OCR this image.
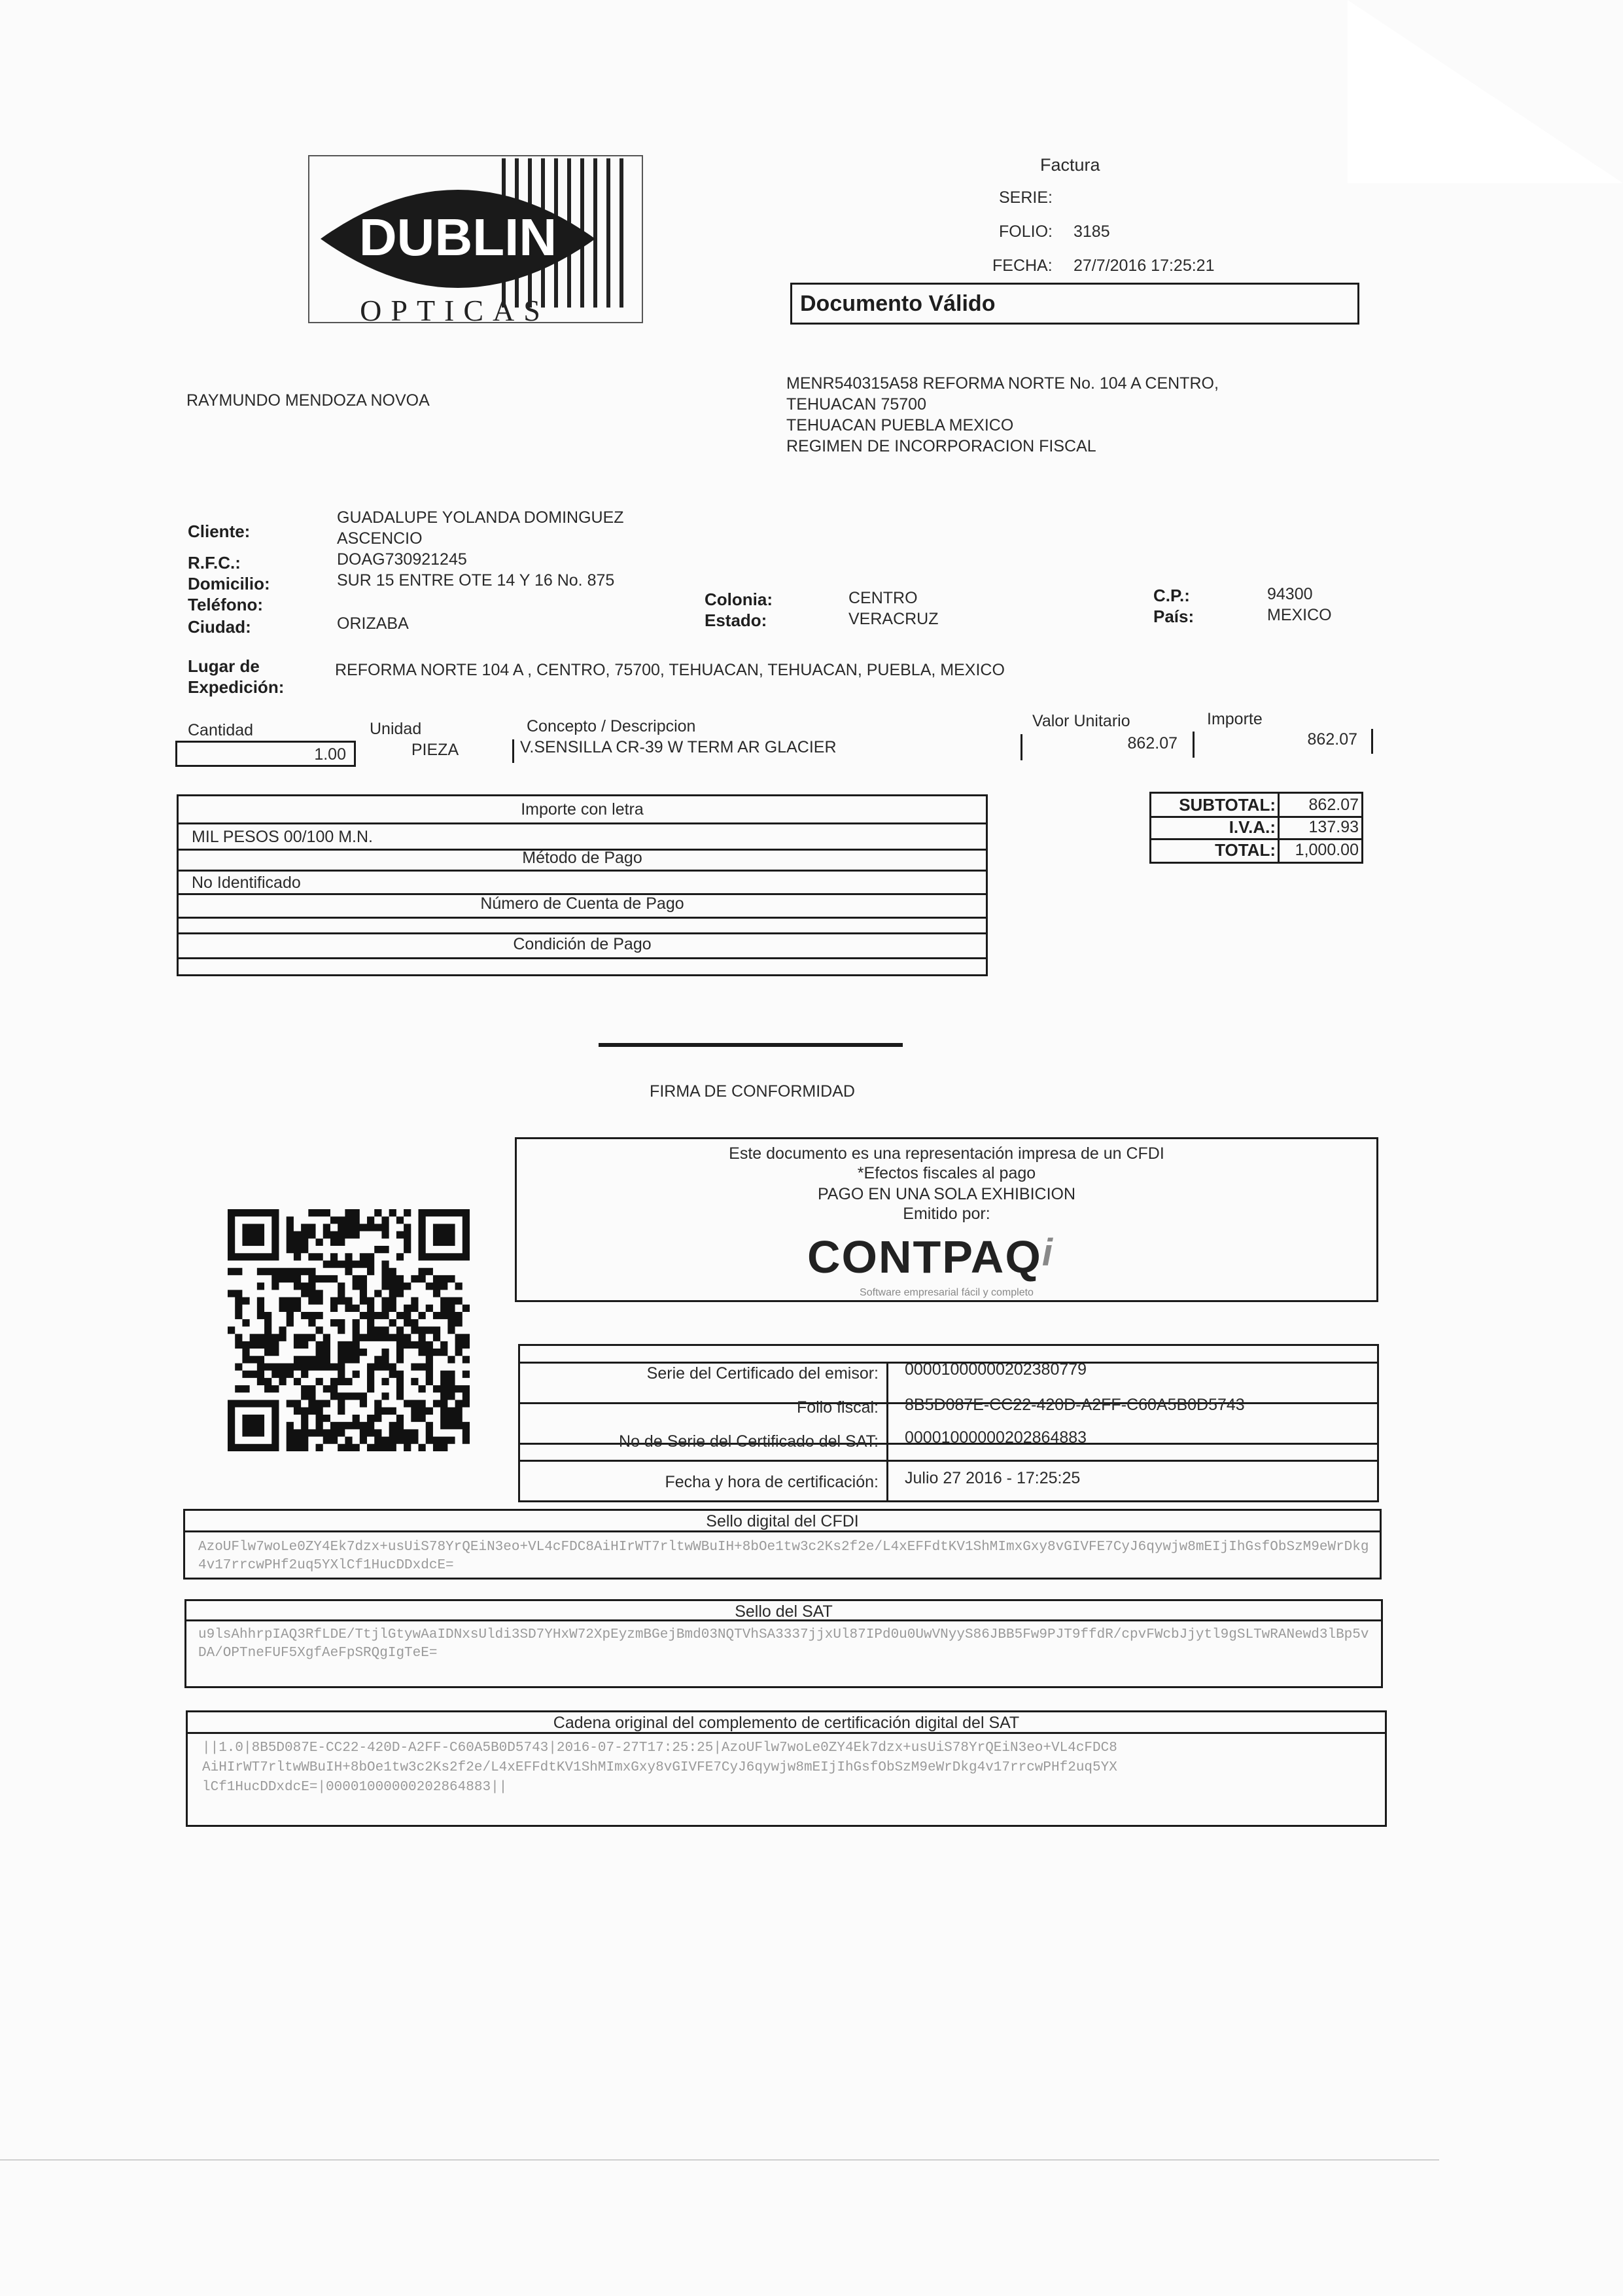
DUBLIN
OPTICAS
Factura
SERIE:
FOLIO: 3185
FECHA: 27/7/2016 17:25:21
Documento Válido
RAYMUNDO MENDOZA NOVOA
MENR540315A58 REFORMA NORTE No. 104 A CENTRO,
TEHUACAN 75700
TEHUACAN PUEBLA MEXICO
REGIMEN DE INCORPORACION FISCAL
Cliente:
GUADALUPE YOLANDA DOMINGUEZ
ASCENCIO
R.F.C.:	DOAG730921245
Domicilio:	SUR 15 ENTRE OTE 14 Y 16 No. 875
Teléfono:
Ciudad:	ORIZABA
Colonia:	CENTRO
Estado:	VERACRUZ
C.P.:	94300
País:	MEXICO
Lugar de
Expedición:
REFORMA NORTE 104 A , CENTRO, 75700, TEHUACAN, TEHUACAN, PUEBLA, MEXICO
Cantidad	Unidad	Concepto / Descripcion	Valor Unitario	Importe
1.00	PIEZA	V.SENSILLA CR-39 W TERM AR GLACIER	862.07	862.07
Importe con letra
MIL PESOS 00/100 M.N.
Método de Pago
No Identificado
Número de Cuenta de Pago
Condición de Pago
SUBTOTAL:	862.07
I.V.A.:	137.93
TOTAL:	1,000.00
FIRMA DE CONFORMIDAD
Este documento es una representación impresa de un CFDI
*Efectos fiscales al pago
PAGO EN UNA SOLA EXHIBICION
Emitido por:
CONTPAQi
Software empresarial fácil y completo
Serie del Certificado del emisor: 00001000000202380779
Folio fiscal: 8B5D087E-CC22-420D-A2FF-C60A5B0D5743
No de Serie del Certificado del SAT: 00001000000202864883
Fecha y hora de certificación: Julio 27 2016 - 17:25:25
Sello digital del CFDI
AzoUFlw7woLe0ZY4Ek7dzx+usUiS78YrQEiN3eo+VL4cFDC8AiHIrWT7rltwWBuIH+8bOe1tw3c2Ks2f2e/L4xEFFdtKV1ShMImxGxy8vGIVFE7CyJ6qywjw8mEIjIhGsfObSzM9eWrDkg4v17rrcwPHf2uq5YXlCf1HucDDxdcE=
Sello del SAT
u9lsAhhrpIAQ3RfLDE/TtjlGtywAaIDNxsUldi3SD7YHxW72XpEyzmBGejBmd03NQTVhSA3337jjxUl87IPd0u0UwVNyyS86JBB5Fw9PJT9ffdR/cpvFWcbJjytl9gSLTwRANewd3lBp5vDA/OPTneFUF5XgfAeFpSRQgIgTeE=
Cadena original del complemento de certificación digital del SAT
||1.0|8B5D087E-CC22-420D-A2FF-C60A5B0D5743|2016-07-27T17:25:25|AzoUFlw7woLe0ZY4Ek7dzx+usUiS78YrQEiN3eo+VL4cFDC8AiHIrWT7rltwWBuIH+8bOe1tw3c2Ks2f2e/L4xEFFdtKV1ShMImxGxy8vGIVFE7CyJ6qywjw8mEIjIhGsfObSzM9eWrDkg4v17rrcwPHf2uq5YXlCf1HucDDxdcE=|00001000000202864883||
